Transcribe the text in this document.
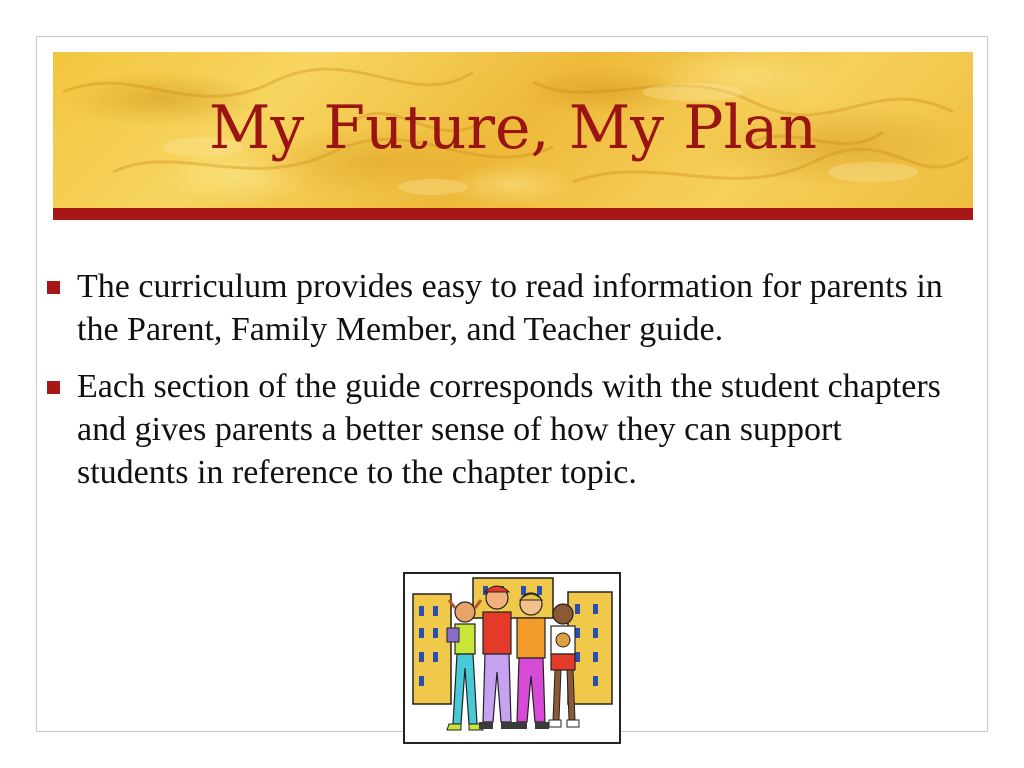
My Future, My Plan
The curriculum provides easy to read information for parents in the Parent, Family Member, and Teacher guide.
Each section of the guide corresponds with the student chapters and gives parents a better sense of how they can support students in reference to the chapter topic.
